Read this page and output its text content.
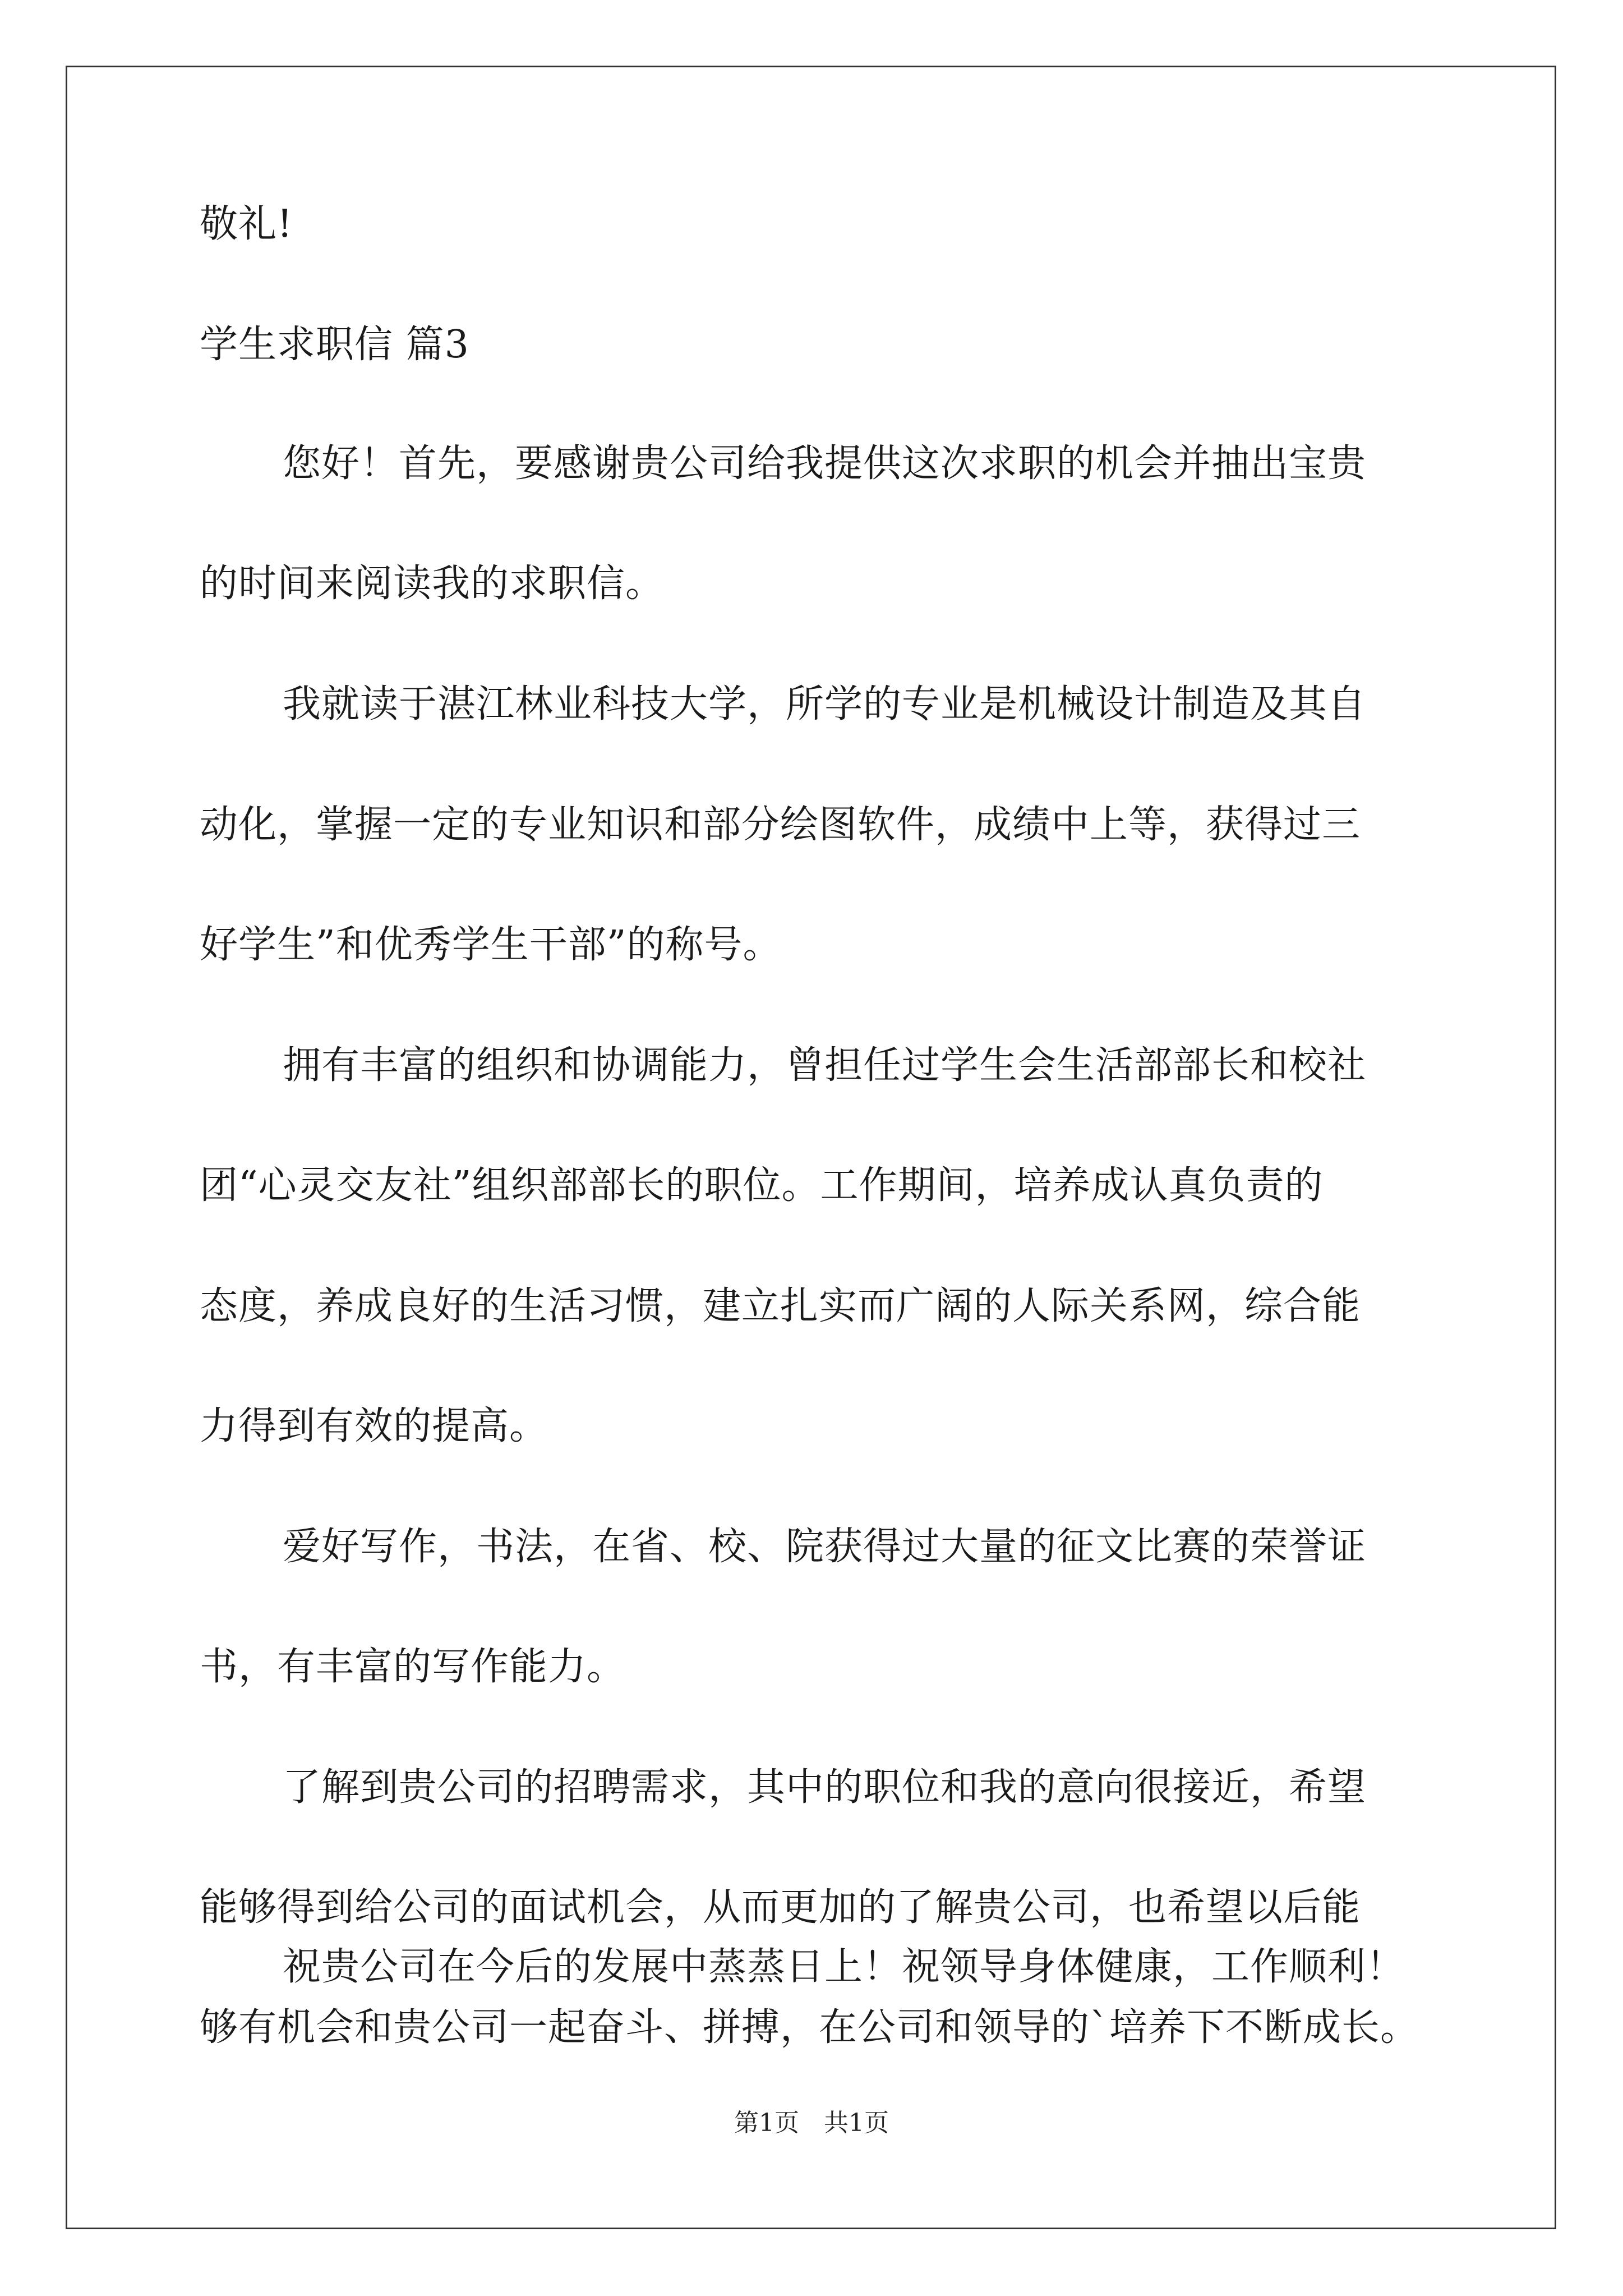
敬礼!
学生求职信 篇3
您好！首先，要感谢贵公司给我提供这次求职的机会并抽出宝贵
的时间来阅读我的求职信。
我就读于湛江林业科技大学，所学的专业是机械设计制造及其自
动化，掌握一定的专业知识和部分绘图软件，成绩中上等，获得过三
好学生”和优秀学生干部”的称号。
拥有丰富的组织和协调能力，曾担任过学生会生活部部长和校社
团“心灵交友社”组织部部长的职位。工作期间，培养成认真负责的
态度，养成良好的生活习惯，建立扎实而广阔的人际关系网，综合能
力得到有效的提高。
爱好写作，书法，在省、校、院获得过大量的征文比赛的荣誉证
书，有丰富的写作能力。
了解到贵公司的招聘需求，其中的职位和我的意向很接近，希望
能够得到给公司的面试机会，从而更加的了解贵公司，也希望以后能
够有机会和贵公司一起奋斗、拼搏，在公司和领导的`培养下不断成长。
祝贵公司在今后的发展中蒸蒸日上！祝领导身体健康，工作顺利！
第1页　共1页
